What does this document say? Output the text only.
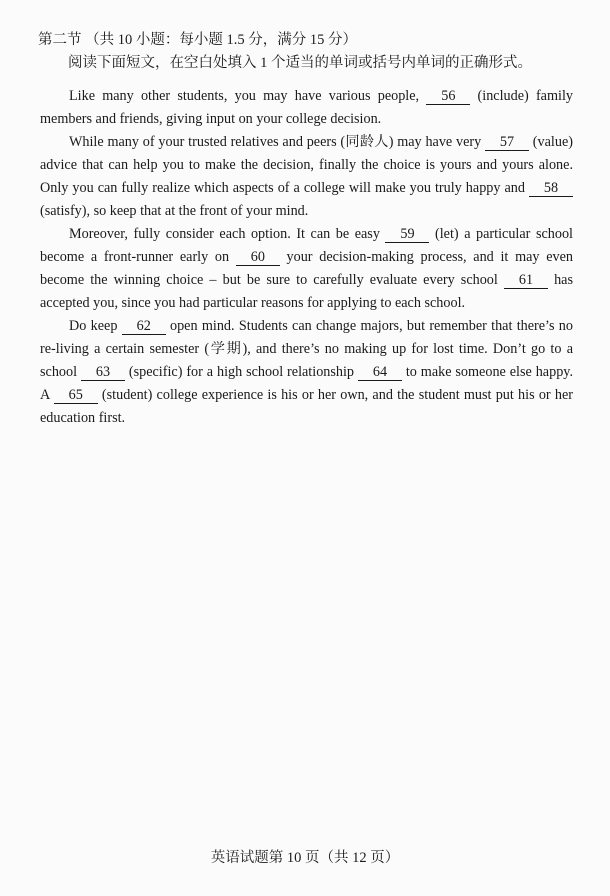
第二节 （共 10 小题：每小题 1.5 分，满分 15 分）
阅读下面短文，在空白处填入 1 个适当的单词或括号内单词的正确形式。

Like many other students, you may have various people, 56 (include) family members and friends, giving input on your college decision.

While many of your trusted relatives and peers (同龄人) may have very 57 (value) advice that can help you to make the decision, finally the choice is yours and yours alone. Only you can fully realize which aspects of a college will make you truly happy and 58 (satisfy), so keep that at the front of your mind.

Moreover, fully consider each option. It can be easy 59 (let) a particular school become a front-runner early on 60 your decision-making process, and it may even become the winning choice – but be sure to carefully evaluate every school 61 has accepted you, since you had particular reasons for applying to each school.

Do keep 62 open mind. Students can change majors, but remember that there’s no re-living a certain semester (学期), and there’s no making up for lost time. Don’t go to a school 63 (specific) for a high school relationship 64 to make someone else happy. A 65 (student) college experience is his or her own, and the student must put his or her education first.

英语试题第 10 页（共 12 页）
